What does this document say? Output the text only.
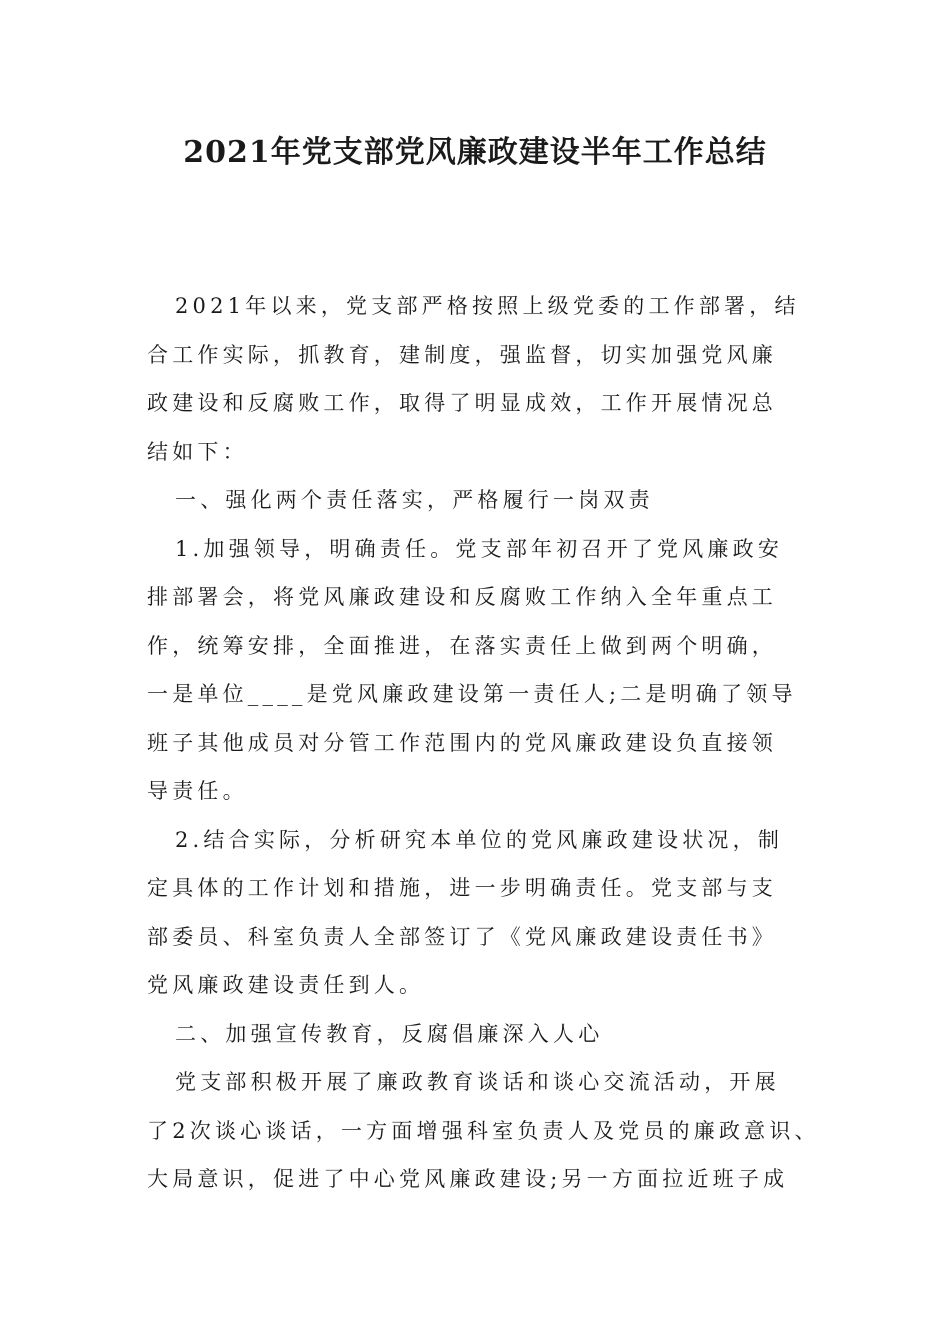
2021年党支部党风廉政建设半年工作总结

2021年以来，党支部严格按照上级党委的工作部署，结

合工作实际，抓教育，建制度，强监督，切实加强党风廉

政建设和反腐败工作，取得了明显成效，工作开展情况总

结如下：

一、强化两个责任落实，严格履行一岗双责

1.加强领导，明确责任。党支部年初召开了党风廉政安

排部署会，将党风廉政建设和反腐败工作纳入全年重点工

作，统筹安排，全面推进，在落实责任上做到两个明确，

一是单位____是党风廉政建设第一责任人;二是明确了领导

班子其他成员对分管工作范围内的党风廉政建设负直接领

导责任。

2.结合实际，分析研究本单位的党风廉政建设状况，制

定具体的工作计划和措施，进一步明确责任。党支部与支

部委员、科室负责人全部签订了《党风廉政建设责任书》

党风廉政建设责任到人。

二、加强宣传教育，反腐倡廉深入人心

党支部积极开展了廉政教育谈话和谈心交流活动，开展

了2次谈心谈话，一方面增强科室负责人及党员的廉政意识、

大局意识，促进了中心党风廉政建设;另一方面拉近班子成
